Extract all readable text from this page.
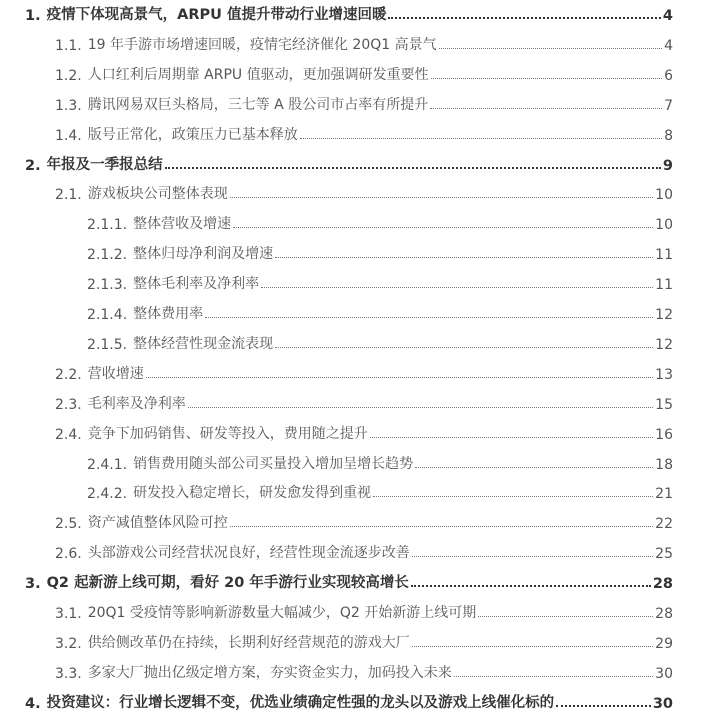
1. 疫情下体现高景气，ARPU 值提升带动行业增速回暖	4
1.1. 19 年手游市场增速回暖，疫情宅经济催化 20Q1 高景气	4
1.2. 人口红利后周期靠 ARPU 值驱动，更加强调研发重要性	6
1.3. 腾讯网易双巨头格局，三七等 A 股公司市占率有所提升	7
1.4. 版号正常化，政策压力已基本释放	8
2. 年报及一季报总结	9
2.1. 游戏板块公司整体表现	10
2.1.1. 整体营收及增速	10
2.1.2. 整体归母净利润及增速	11
2.1.3. 整体毛利率及净利率	11
2.1.4. 整体费用率	12
2.1.5. 整体经营性现金流表现	12
2.2. 营收增速	13
2.3. 毛利率及净利率	15
2.4. 竞争下加码销售、研发等投入，费用随之提升	16
2.4.1. 销售费用随头部公司买量投入增加呈增长趋势	18
2.4.2. 研发投入稳定增长，研发愈发得到重视	21
2.5. 资产减值整体风险可控	22
2.6. 头部游戏公司经营状况良好，经营性现金流逐步改善	25
3. Q2 起新游上线可期，看好 20 年手游行业实现较高增长	28
3.1. 20Q1 受疫情等影响新游数量大幅减少，Q2 开始新游上线可期	28
3.2. 供给侧改革仍在持续，长期利好经营规范的游戏大厂	29
3.3. 多家大厂抛出亿级定增方案，夯实资金实力，加码投入未来	30
4. 投资建议：行业增长逻辑不变，优选业绩确定性强的龙头以及游戏上线催化标的	30
